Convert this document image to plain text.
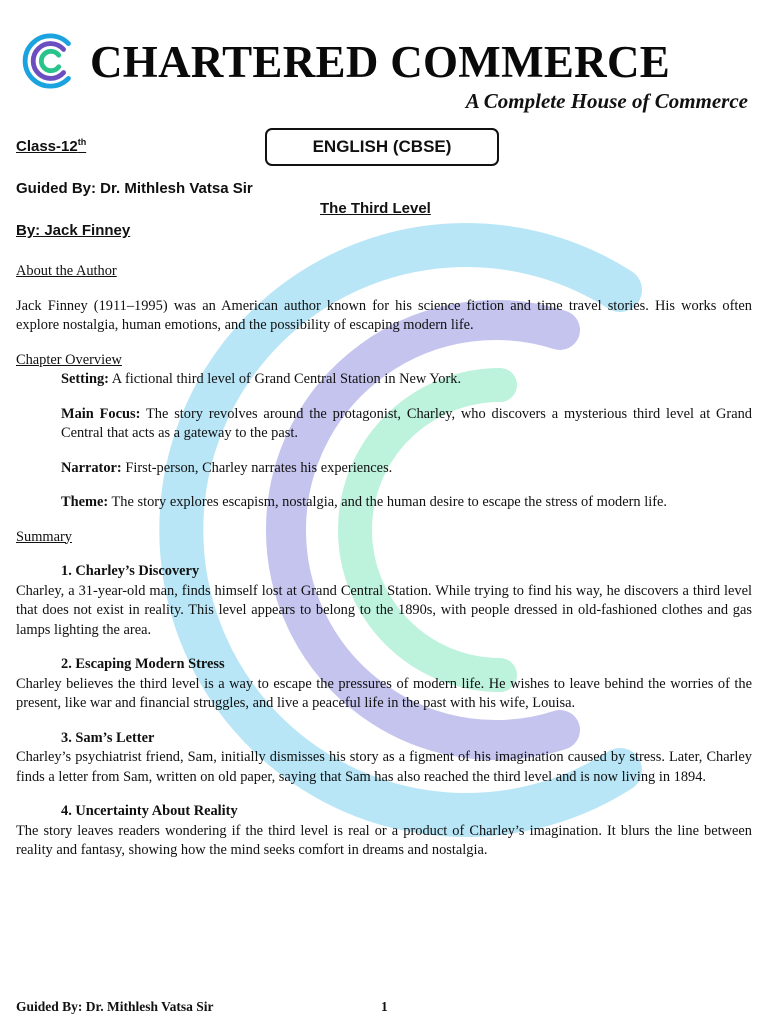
CHARTERED COMMERCE
A Complete House of Commerce
Class-12th	ENGLISH (CBSE)
Guided By: Dr. Mithlesh Vatsa Sir
The Third Level
By: Jack Finney

About the Author

Jack Finney (1911–1995) was an American author known for his science fiction and time travel stories. His works often explore nostalgia, human emotions, and the possibility of escaping modern life.

Chapter Overview

Setting: A fictional third level of Grand Central Station in New York.

Main Focus: The story revolves around the protagonist, Charley, who discovers a mysterious third level at Grand Central that acts as a gateway to the past.

Narrator: First-person, Charley narrates his experiences.

Theme: The story explores escapism, nostalgia, and the human desire to escape the stress of modern life.

Summary

1. Charley’s Discovery

Charley, a 31-year-old man, finds himself lost at Grand Central Station. While trying to find his way, he discovers a third level that does not exist in reality. This level appears to belong to the 1890s, with people dressed in old-fashioned clothes and gas lamps lighting the area.

2. Escaping Modern Stress

Charley believes the third level is a way to escape the pressures of modern life. He wishes to leave behind the worries of the present, like war and financial struggles, and live a peaceful life in the past with his wife, Louisa.

3. Sam’s Letter

Charley’s psychiatrist friend, Sam, initially dismisses his story as a figment of his imagination caused by stress. Later, Charley finds a letter from Sam, written on old paper, saying that Sam has also reached the third level and is now living in 1894.

4. Uncertainty About Reality

The story leaves readers wondering if the third level is real or a product of Charley’s imagination. It blurs the line between reality and fantasy, showing how the mind seeks comfort in dreams and nostalgia.

Guided By: Dr. Mithlesh Vatsa Sir	1
